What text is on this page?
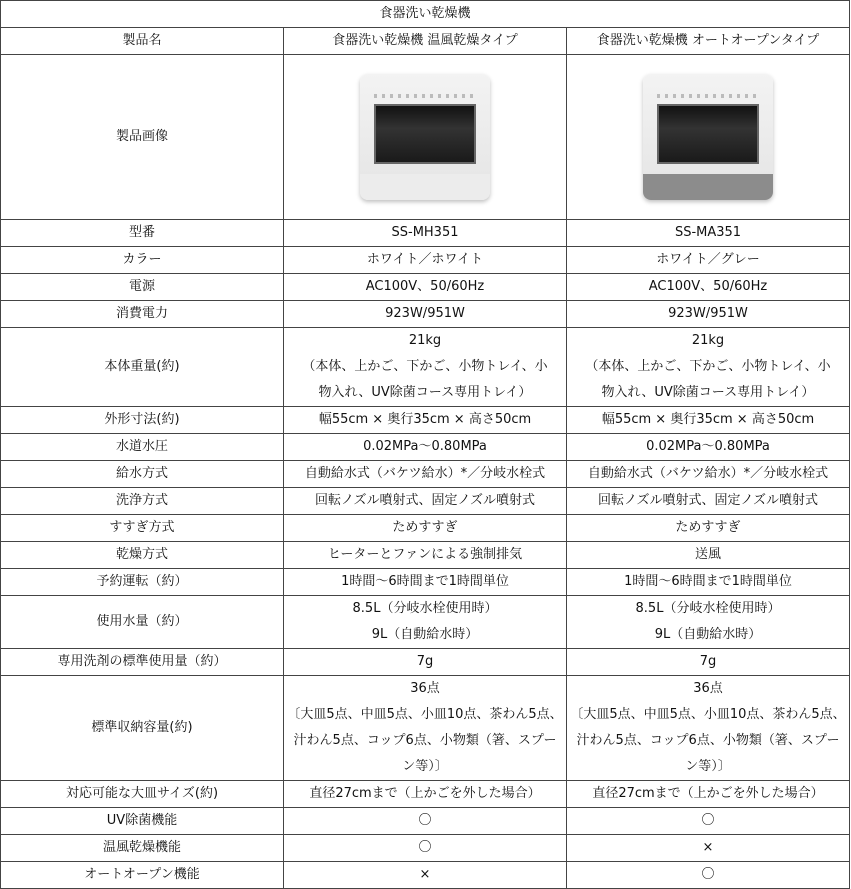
食器洗い乾燥機		
製品名	食器洗い乾燥機 温風乾燥タイプ	食器洗い乾燥機 オートオープンタイプ
製品画像	

型番	SS-MH351	SS-MA351
カラー	ホワイト／ホワイト	ホワイト／グレー
電源	AC100V、50/60Hz	AC100V、50/60Hz
消費電力	923W/951W	923W/951W
本体重量(約)	21kg
（本体、上かご、下かご、小物トレイ、小
物入れ、UV除菌コース専用トレイ）	21kg
（本体、上かご、下かご、小物トレイ、小
物入れ、UV除菌コース専用トレイ）

外形寸法(約)	幅55cm × 奥行35cm × 高さ50cm	幅55cm × 奥行35cm × 高さ50cm
水道水圧	0.02MPa〜0.80MPa	0.02MPa〜0.80MPa
給水方式	自動給水式（バケツ給水）*／分岐水栓式	自動給水式（バケツ給水）*／分岐水栓式
洗浄方式	回転ノズル噴射式、固定ノズル噴射式	回転ノズル噴射式、固定ノズル噴射式
すすぎ方式	ためすすぎ	ためすすぎ
乾燥方式	ヒーターとファンによる強制排気	送風
予約運転（約）	1時間〜6時間まで1時間単位	1時間〜6時間まで1時間単位
使用水量（約）	8.5L（分岐水栓使用時）
9L（自動給水時）	8.5L（分岐水栓使用時）
9L（自動給水時）

専用洗剤の標準使用量（約）	7g	7g
標準収納容量(約)	36点
〔大皿5点、中皿5点、小皿10点、茶わん5点、
汁わん5点、コップ6点、小物類（箸、スプー
ン等）〕	36点
〔大皿5点、中皿5点、小皿10点、茶わん5点、
汁わん5点、コップ6点、小物類（箸、スプー
ン等）〕

対応可能な大皿サイズ(約)	直径27cmまで（上かごを外した場合）	直径27cmまで（上かごを外した場合）
UV除菌機能	〇	〇
温風乾燥機能	〇	×
オートオープン機能	×	〇
